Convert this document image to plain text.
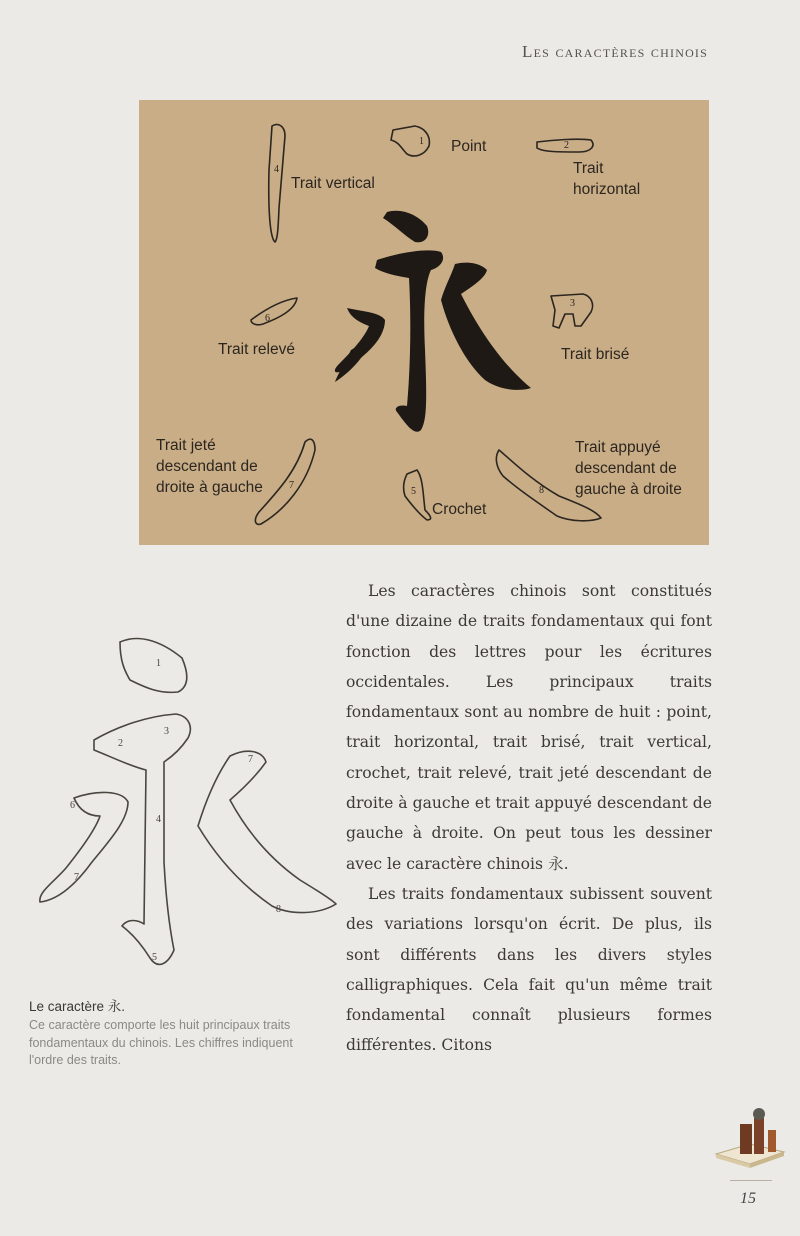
Les caractères chinois
1	2
3
4
5
6
7	8
Point
Trait
horizontal
Trait vertical
Trait relevé	Trait brisé
Trait jeté
descendant de
droite à gauche
Crochet
Trait appuyé
descendant de
gauche à droite
1
2
3
4
5
6
7
7
8
Le caractère 永.
Ce caractère comporte les huit principaux traits fondamentaux du chinois. Les chiffres indiquent l'ordre des traits.

Les caractères chinois sont constitués d'une dizaine de traits fondamentaux qui font fonction des lettres pour les écritures occidentales. Les principaux traits fondamentaux sont au nombre de huit : point, trait horizontal, trait brisé, trait vertical, crochet, trait relevé, trait jeté descendant de droite à gauche et trait appuyé descendant de gauche à droite. On peut tous les dessiner avec le caractère chinois 永.

Les traits fondamentaux subissent souvent des variations lorsqu'on écrit. De plus, ils sont différents dans les divers styles calligraphiques. Cela fait qu'un même trait fondamental connaît plusieurs formes différentes. Citons

15
